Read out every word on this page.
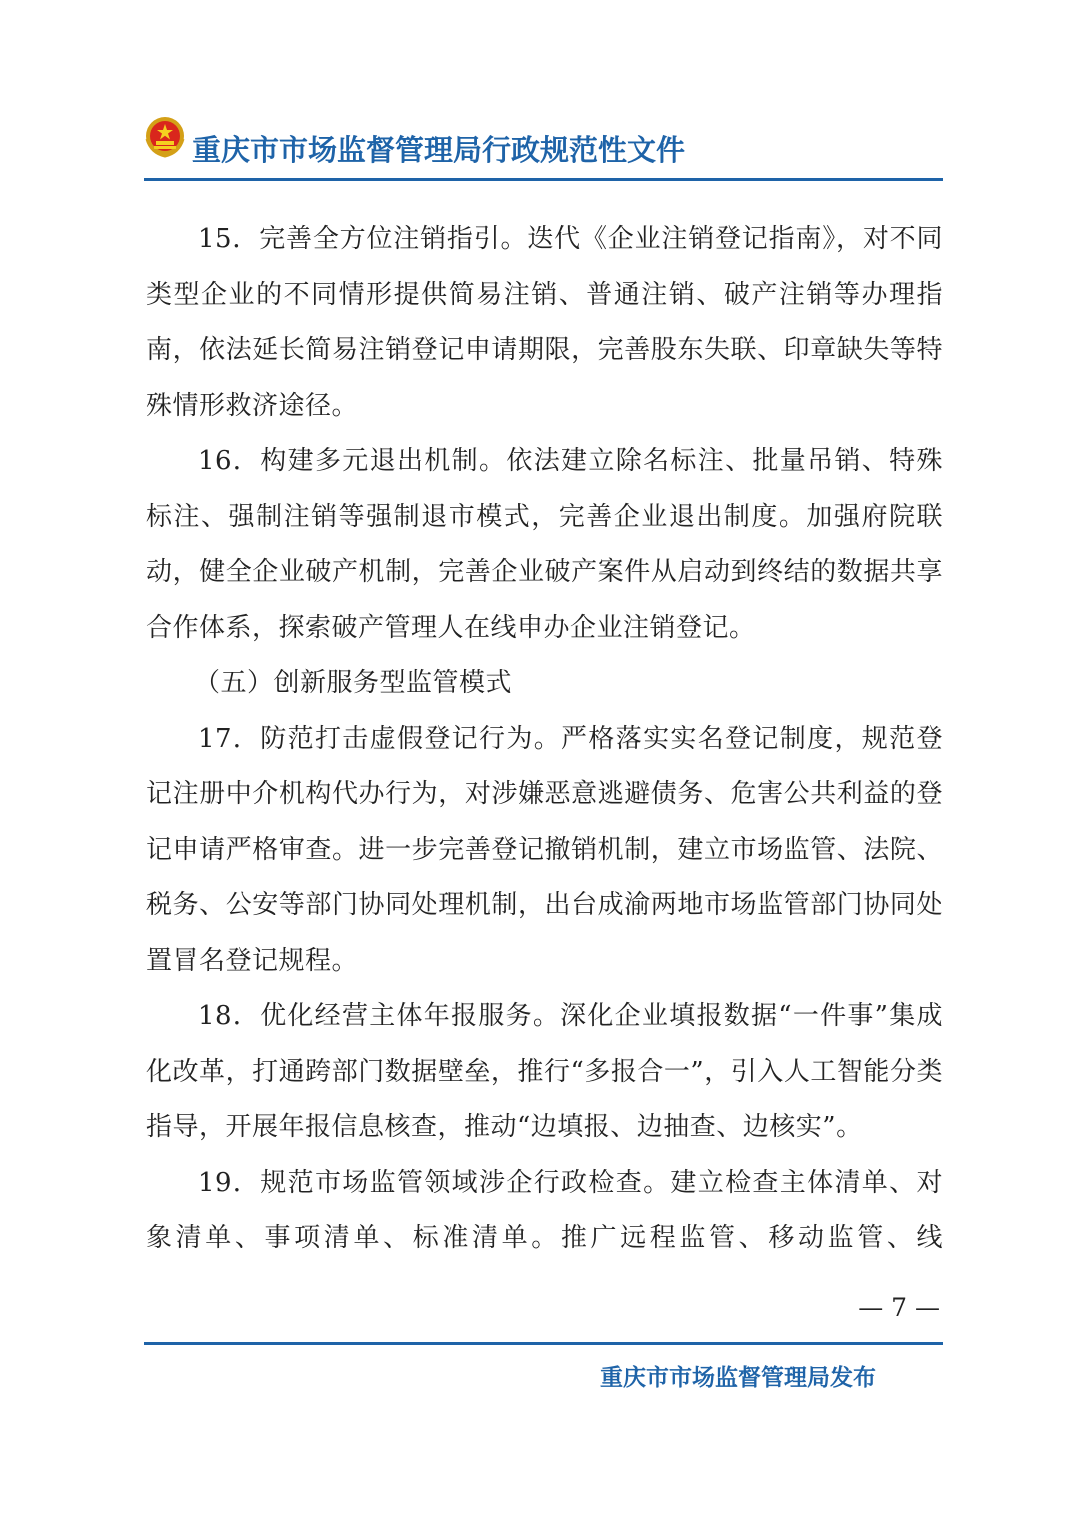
重庆市市场监督管理局行政规范性文件

15．完善全方位注销指引。迭代《企业注销登记指南》，对不同类型企业的不同情形提供简易注销、普通注销、破产注销等办理指南，依法延长简易注销登记申请期限，完善股东失联、印章缺失等特殊情形救济途径。

16．构建多元退出机制。依法建立除名标注、批量吊销、特殊标注、强制注销等强制退市模式，完善企业退出制度。加强府院联动，健全企业破产机制，完善企业破产案件从启动到终结的数据共享合作体系，探索破产管理人在线申办企业注销登记。

（五）创新服务型监管模式

17．防范打击虚假登记行为。严格落实实名登记制度，规范登记注册中介机构代办行为，对涉嫌恶意逃避债务、危害公共利益的登记申请严格审查。进一步完善登记撤销机制，建立市场监管、法院、税务、公安等部门协同处理机制，出台成渝两地市场监管部门协同处置冒名登记规程。

18．优化经营主体年报服务。深化企业填报数据“一件事”集成化改革，打通跨部门数据壁垒，推行“多报合一”，引入人工智能分类指导，开展年报信息核查，推动“边填报、边抽查、边核实”。

19．规范市场监管领域涉企行政检查。建立检查主体清单、对象清单、事项清单、标准清单。推广远程监管、移动监管、线

— 7 —

重庆市市场监督管理局发布
